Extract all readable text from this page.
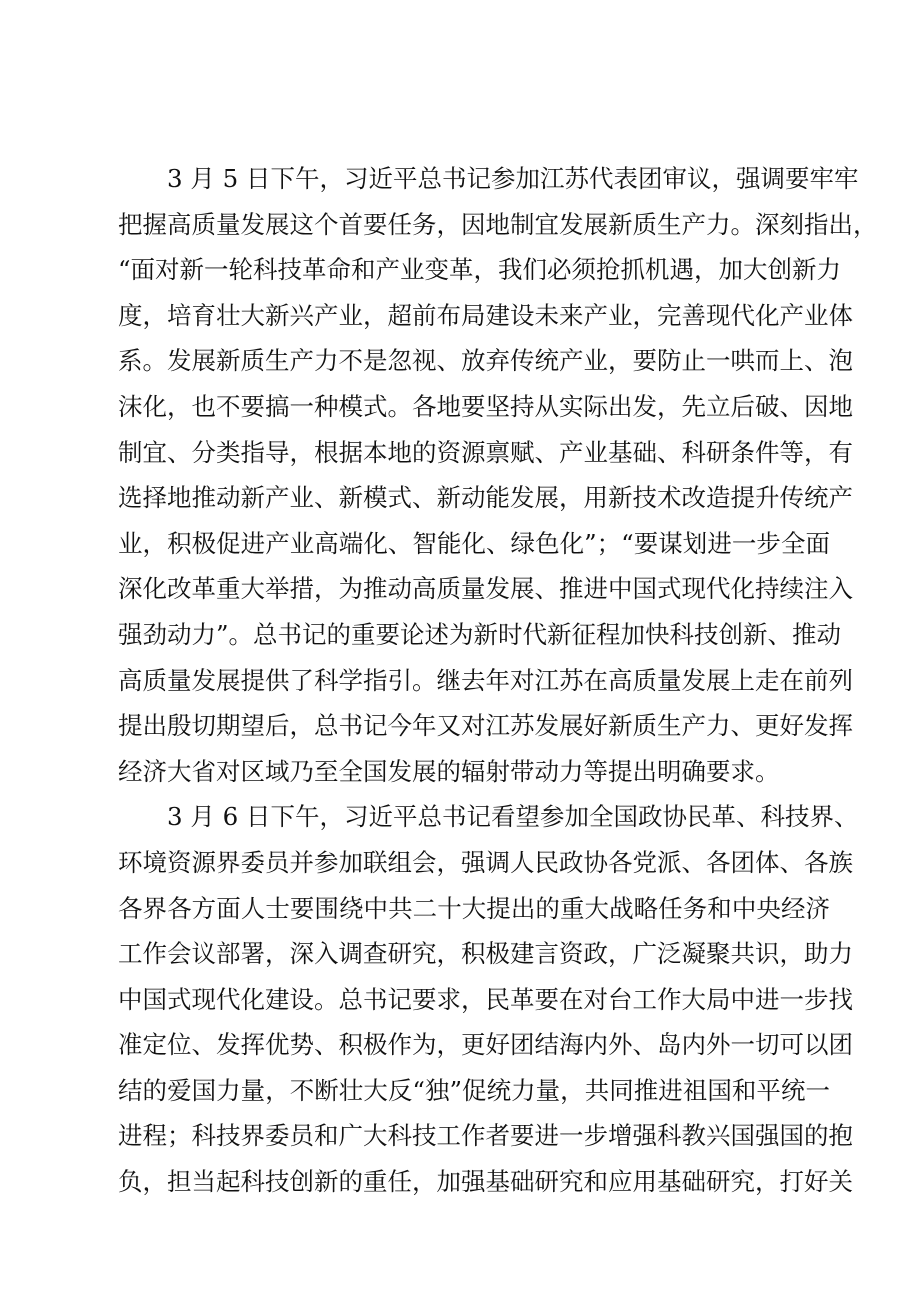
3 月 5 日下午，习近平总书记参加江苏代表团审议，强调要牢牢
把握高质量发展这个首要任务，因地制宜发展新质生产力。深刻指出，
“面对新一轮科技革命和产业变革，我们必须抢抓机遇，加大创新力
度，培育壮大新兴产业，超前布局建设未来产业，完善现代化产业体
系。发展新质生产力不是忽视、放弃传统产业，要防止一哄而上、泡
沫化，也不要搞一种模式。各地要坚持从实际出发，先立后破、因地
制宜、分类指导，根据本地的资源禀赋、产业基础、科研条件等，有
选择地推动新产业、新模式、新动能发展，用新技术改造提升传统产
业，积极促进产业高端化、智能化、绿色化”；“要谋划进一步全面
深化改革重大举措，为推动高质量发展、推进中国式现代化持续注入
强劲动力”。总书记的重要论述为新时代新征程加快科技创新、推动
高质量发展提供了科学指引。继去年对江苏在高质量发展上走在前列
提出殷切期望后，总书记今年又对江苏发展好新质生产力、更好发挥
经济大省对区域乃至全国发展的辐射带动力等提出明确要求。
3 月 6 日下午，习近平总书记看望参加全国政协民革、科技界、
环境资源界委员并参加联组会，强调人民政协各党派、各团体、各族
各界各方面人士要围绕中共二十大提出的重大战略任务和中央经济
工作会议部署，深入调查研究，积极建言资政，广泛凝聚共识，助力
中国式现代化建设。总书记要求，民革要在对台工作大局中进一步找
准定位、发挥优势、积极作为，更好团结海内外、岛内外一切可以团
结的爱国力量，不断壮大反“独”促统力量，共同推进祖国和平统一
进程；科技界委员和广大科技工作者要进一步增强科教兴国强国的抱
负，担当起科技创新的重任，加强基础研究和应用基础研究，打好关
